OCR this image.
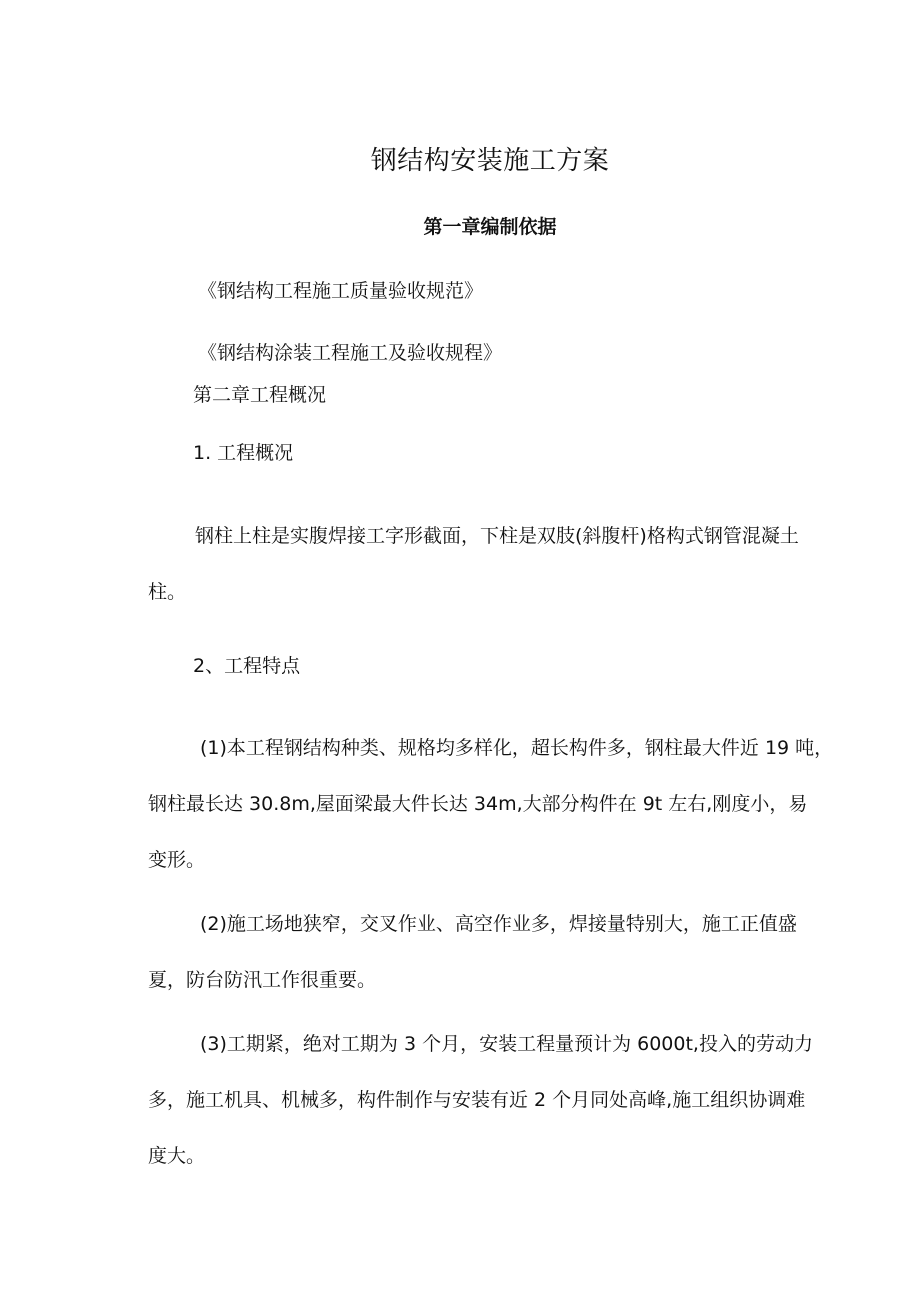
钢结构安装施工方案
第一章编制依据
《钢结构工程施工质量验收规范》
《钢结构涂装工程施工及验收规程》
第二章工程概况
1. 工程概况
钢柱上柱是实腹焊接工字形截面，下柱是双肢(斜腹杆)格构式钢管混凝土
柱。
2、工程特点
(1)本工程钢结构种类、规格均多样化，超长构件多，钢柱最大件近 19 吨，
钢柱最长达 30.8m,屋面梁最大件长达 34m,大部分构件在 9t 左右,刚度小，易
变形。
(2)施工场地狭窄，交叉作业、高空作业多，焊接量特别大，施工正值盛
夏，防台防汛工作很重要。
(3)工期紧，绝对工期为 3 个月，安装工程量预计为 6000t,投入的劳动力
多，施工机具、机械多，构件制作与安装有近 2 个月同处高峰,施工组织协调难
度大。
